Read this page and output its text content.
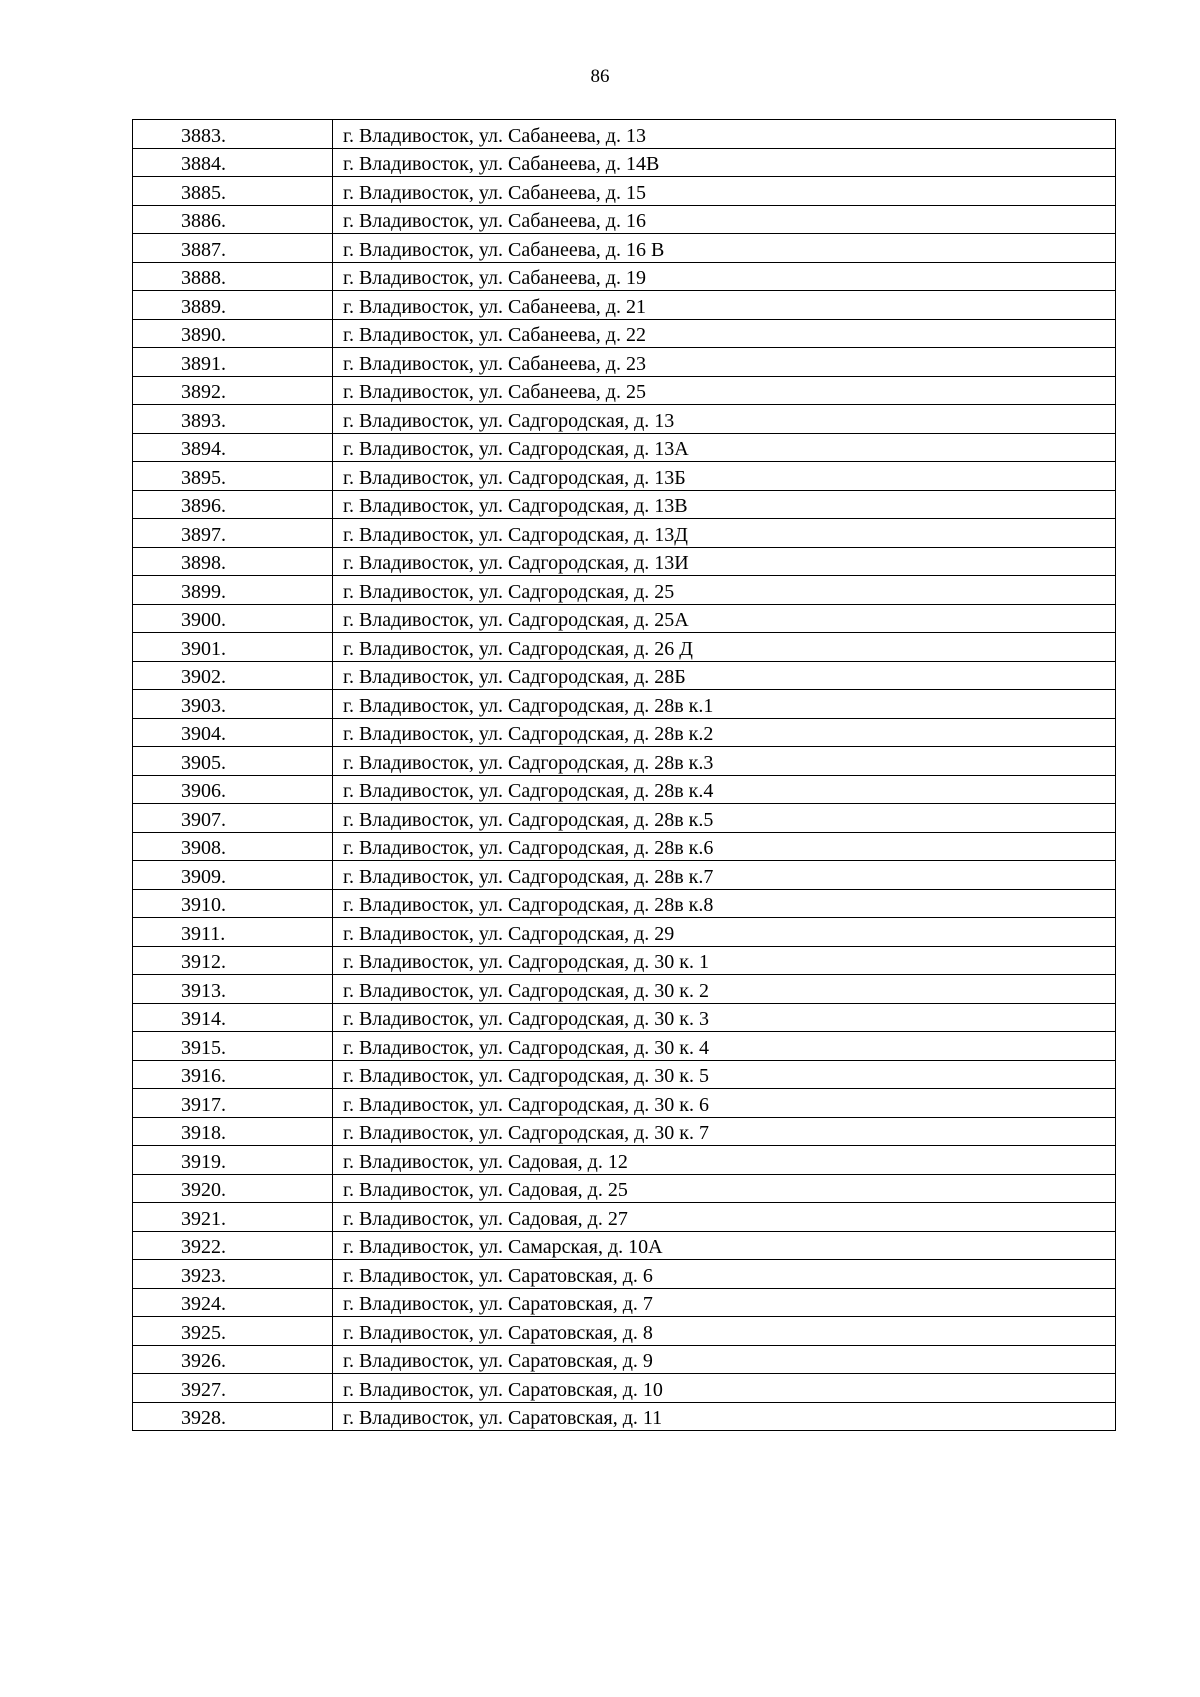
86
3883.	г. Владивосток, ул. Сабанеева, д. 13
3884.	г. Владивосток, ул. Сабанеева, д. 14В
3885.	г. Владивосток, ул. Сабанеева, д. 15
3886.	г. Владивосток, ул. Сабанеева, д. 16
3887.	г. Владивосток, ул. Сабанеева, д. 16 В
3888.	г. Владивосток, ул. Сабанеева, д. 19
3889.	г. Владивосток, ул. Сабанеева, д. 21
3890.	г. Владивосток, ул. Сабанеева, д. 22
3891.	г. Владивосток, ул. Сабанеева, д. 23
3892.	г. Владивосток, ул. Сабанеева, д. 25
3893.	г. Владивосток, ул. Садгородская, д. 13
3894.	г. Владивосток, ул. Садгородская, д. 13А
3895.	г. Владивосток, ул. Садгородская, д. 13Б
3896.	г. Владивосток, ул. Садгородская, д. 13В
3897.	г. Владивосток, ул. Садгородская, д. 13Д
3898.	г. Владивосток, ул. Садгородская, д. 13И
3899.	г. Владивосток, ул. Садгородская, д. 25
3900.	г. Владивосток, ул. Садгородская, д. 25А
3901.	г. Владивосток, ул. Садгородская, д. 26 Д
3902.	г. Владивосток, ул. Садгородская, д. 28Б
3903.	г. Владивосток, ул. Садгородская, д. 28в к.1
3904.	г. Владивосток, ул. Садгородская, д. 28в к.2
3905.	г. Владивосток, ул. Садгородская, д. 28в к.3
3906.	г. Владивосток, ул. Садгородская, д. 28в к.4
3907.	г. Владивосток, ул. Садгородская, д. 28в к.5
3908.	г. Владивосток, ул. Садгородская, д. 28в к.6
3909.	г. Владивосток, ул. Садгородская, д. 28в к.7
3910.	г. Владивосток, ул. Садгородская, д. 28в к.8
3911.	г. Владивосток, ул. Садгородская, д. 29
3912.	г. Владивосток, ул. Садгородская, д. 30 к. 1
3913.	г. Владивосток, ул. Садгородская, д. 30 к. 2
3914.	г. Владивосток, ул. Садгородская, д. 30 к. 3
3915.	г. Владивосток, ул. Садгородская, д. 30 к. 4
3916.	г. Владивосток, ул. Садгородская, д. 30 к. 5
3917.	г. Владивосток, ул. Садгородская, д. 30 к. 6
3918.	г. Владивосток, ул. Садгородская, д. 30 к. 7
3919.	г. Владивосток, ул. Садовая, д. 12
3920.	г. Владивосток, ул. Садовая, д. 25
3921.	г. Владивосток, ул. Садовая, д. 27
3922.	г. Владивосток, ул. Самарская, д. 10А
3923.	г. Владивосток, ул. Саратовская, д. 6
3924.	г. Владивосток, ул. Саратовская, д. 7
3925.	г. Владивосток, ул. Саратовская, д. 8
3926.	г. Владивосток, ул. Саратовская, д. 9
3927.	г. Владивосток, ул. Саратовская, д. 10
3928.	г. Владивосток, ул. Саратовская, д. 11
